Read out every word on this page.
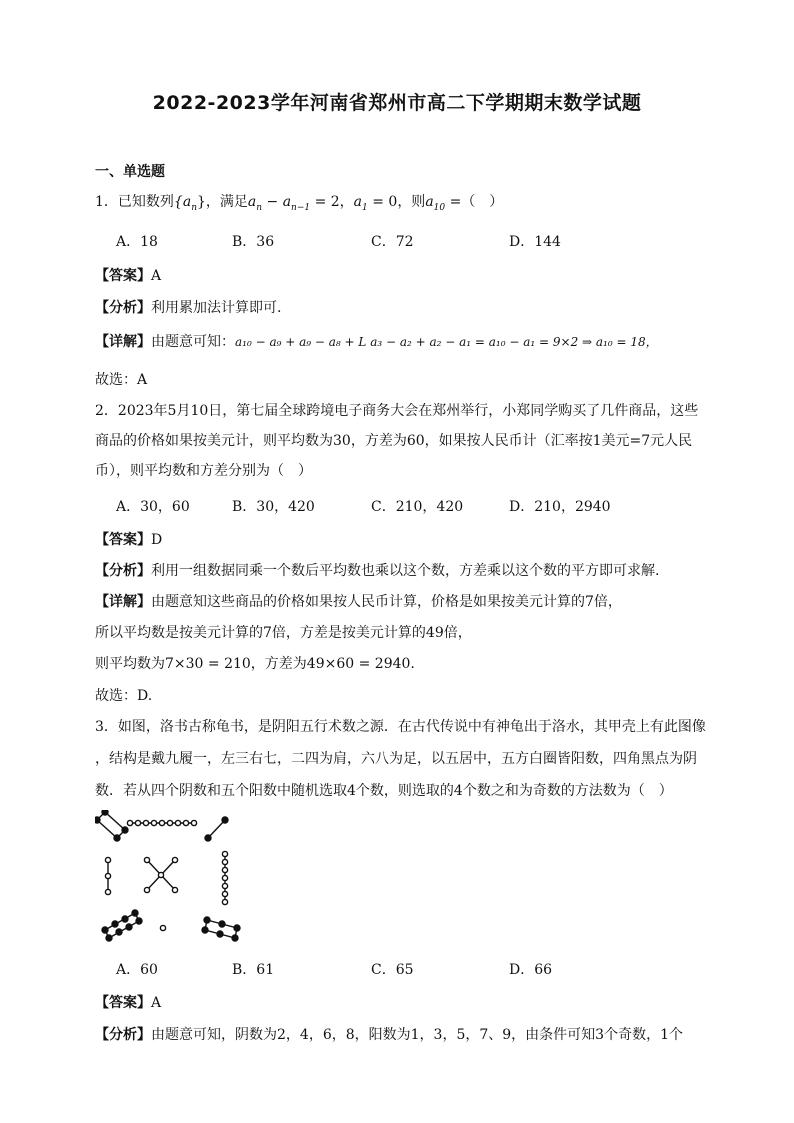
2022-2023学年河南省郑州市高二下学期期末数学试题
一、单选题
1．已知数列$\{a_n\}$，满足$a_n - a_{n-1} = 2$，$a_1 = 0$，则$a_{10}$ =（　）
A．18	B．36	C．72	D．144
【答案】A
【分析】利用累加法计算即可.
【详解】由题意可知：a₁₀ − a₉ + a₉ − a₈ + L a₃ − a₂ + a₂ − a₁ = a₁₀ − a₁ = 9×2 ⇒ a₁₀ = 18，
故选：A
2．2023年5月10日，第七届全球跨境电子商务大会在郑州举行，小郑同学购买了几件商品，这些
商品的价格如果按美元计，则平均数为30，方差为60，如果按人民币计（汇率按1美元=7元人民
币），则平均数和方差分别为（　）
A．30，60	B．30，420	C．210，420	D．210，2940
【答案】D
【分析】利用一组数据同乘一个数后平均数也乘以这个数，方差乘以这个数的平方即可求解.
【详解】由题意知这些商品的价格如果按人民币计算，价格是如果按美元计算的7倍，
所以平均数是按美元计算的7倍，方差是按美元计算的49倍，
则平均数为7×30 = 210，方差为49×60 = 2940.
故选：D.
3．如图，洛书古称龟书，是阴阳五行术数之源．在古代传说中有神龟出于洛水，其甲壳上有此图像
，结构是戴九履一，左三右七，二四为肩，六八为足，以五居中，五方白圈皆阳数，四角黑点为阴
数．若从四个阴数和五个阳数中随机选取4个数，则选取的4个数之和为奇数的方法数为（　）
A．60	B．61	C．65	D．66
【答案】A
【分析】由题意可知，阴数为2，4，6，8，阳数为1，3，5，7、9，由条件可知3个奇数，1个
